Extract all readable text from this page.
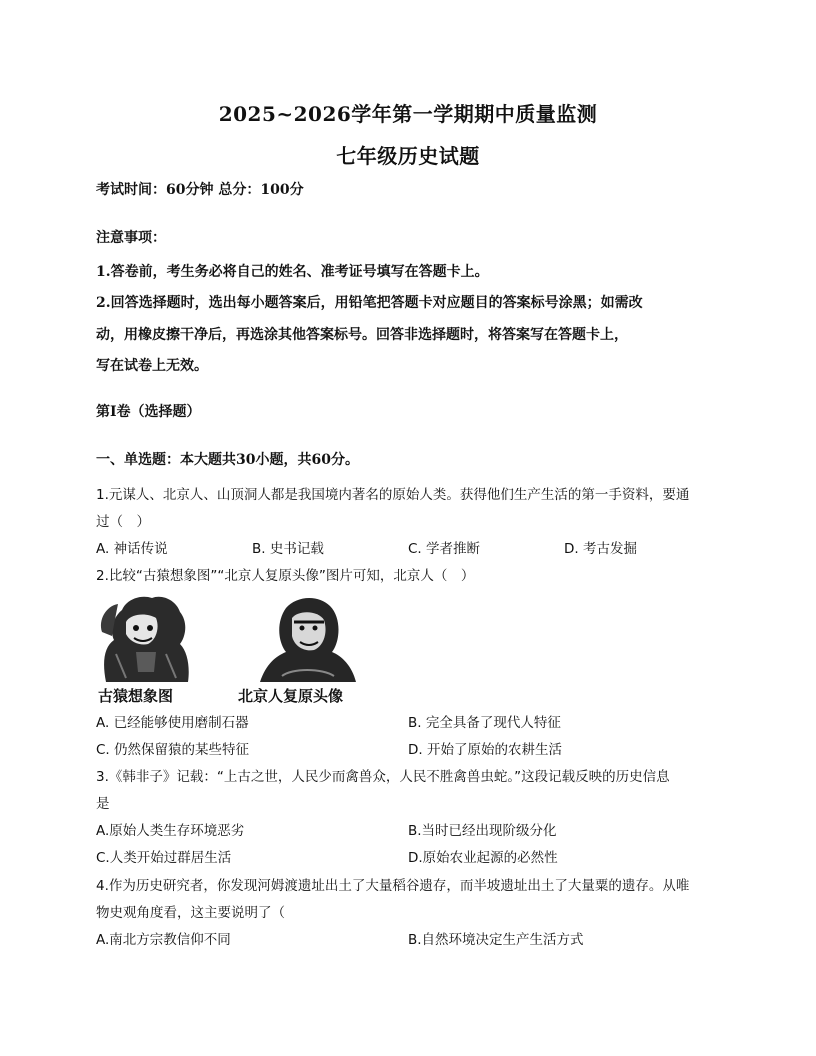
2025~2026学年第一学期期中质量监测
七年级历史试题
考试时间：60分钟 总分：100分
注意事项：
1.答卷前，考生务必将自己的姓名、准考证号填写在答题卡上。
2.回答选择题时，选出每小题答案后，用铅笔把答题卡对应题目的答案标号涂黑；如需改
动，用橡皮擦干净后，再选涂其他答案标号。回答非选择题时，将答案写在答题卡上，
写在试卷上无效。
第Ⅰ卷（选择题）
一、单选题：本大题共30小题，共60分。
1.元谋人、北京人、山顶洞人都是我国境内著名的原始人类。获得他们生产生活的第一手资料，要通
过（　）
A. 神话传说	B. 史书记载	C. 学者推断	D. 考古发掘
2.比较“古猿想象图”“北京人复原头像”图片可知，北京人（　）
古猿想象图	北京人复原头像
A. 已经能够使用磨制石器	B. 完全具备了现代人特征
C. 仍然保留猿的某些特征	D. 开始了原始的农耕生活
3.《韩非子》记载：“上古之世，人民少而禽兽众，人民不胜禽兽虫蛇。”这段记载反映的历史信息
是
A.原始人类生存环境恶劣	B.当时已经出现阶级分化
C.人类开始过群居生活	D.原始农业起源的必然性
4.作为历史研究者，你发现河姆渡遗址出土了大量稻谷遗存，而半坡遗址出土了大量粟的遗存。从唯
物史观角度看，这主要说明了（
A.南北方宗教信仰不同	B.自然环境决定生产生活方式
